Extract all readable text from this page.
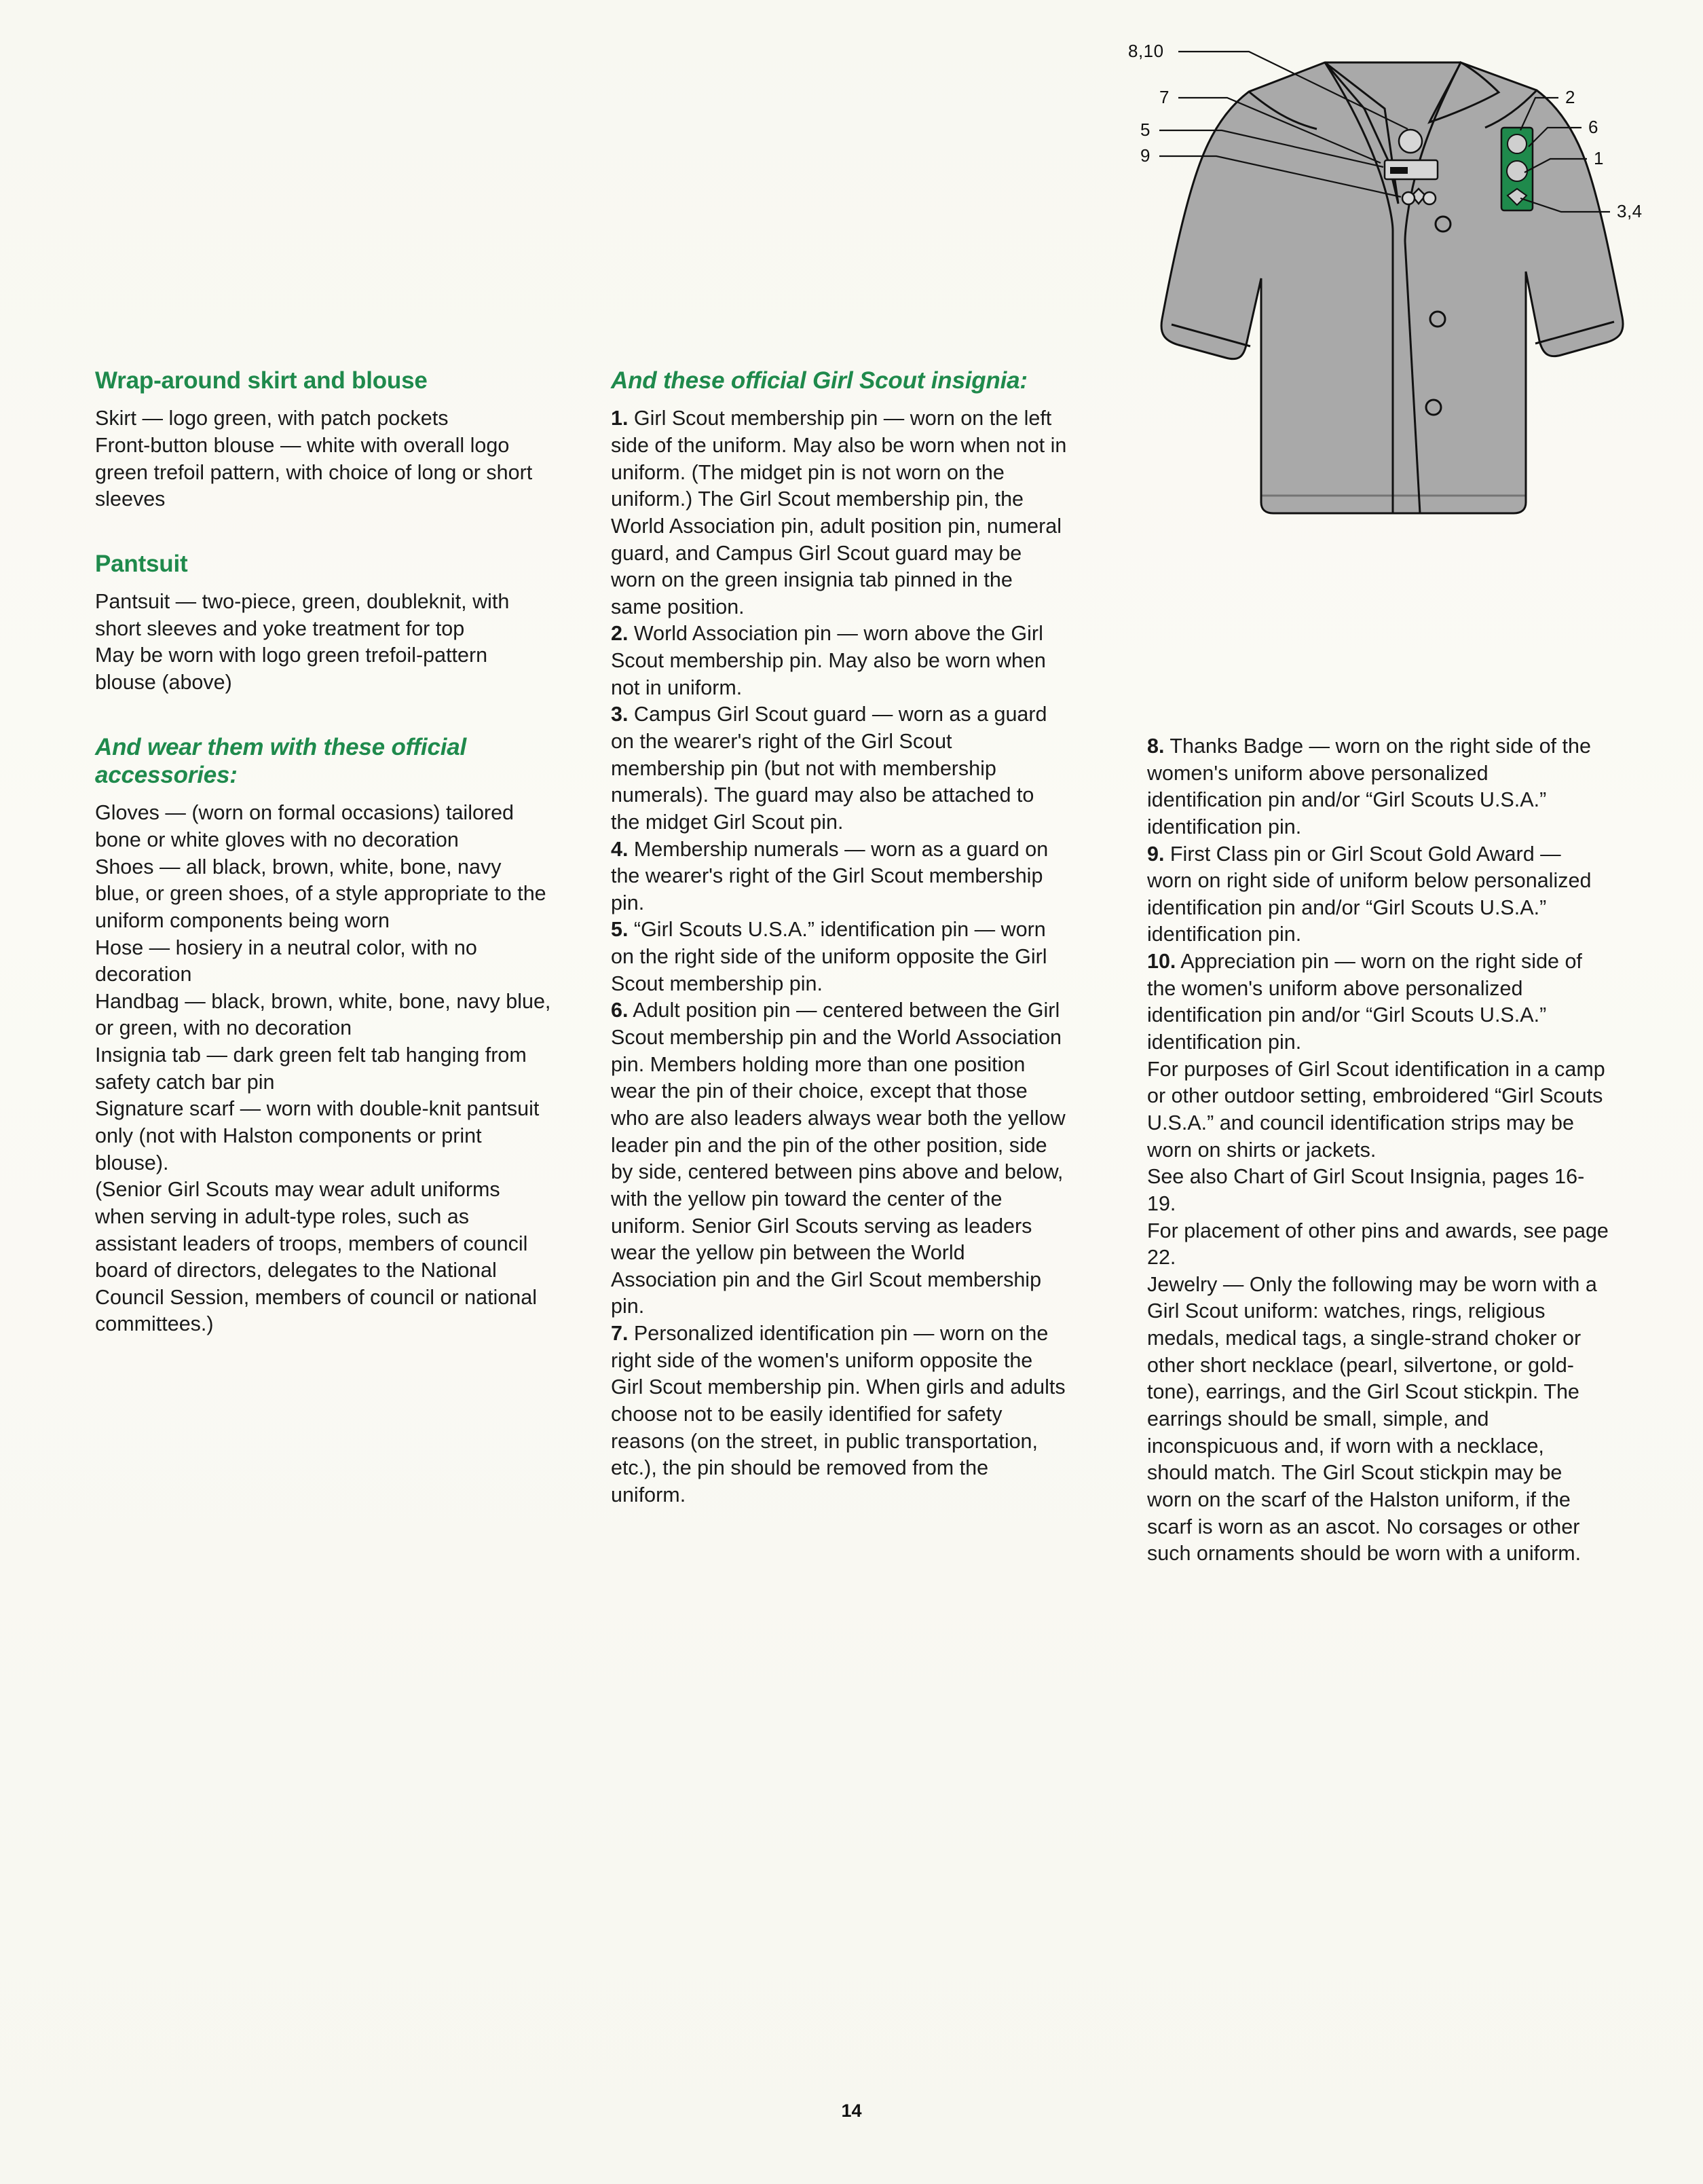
8,10
7
5
9
2
6
1
3,4
Wrap-around skirt and blouse

Skirt — logo green, with patch pockets

Front-button blouse — white with overall logo green trefoil pattern, with choice of long or short sleeves

Pantsuit

Pantsuit — two-piece, green, doubleknit, with short sleeves and yoke treatment for top

May be worn with logo green trefoil-pattern blouse (above)

And wear them with these official accessories:

Gloves — (worn on formal occasions) tailored bone or white gloves with no decoration

Shoes — all black, brown, white, bone, navy blue, or green shoes, of a style appropriate to the uniform components being worn

Hose — hosiery in a neutral color, with no decoration

Handbag — black, brown, white, bone, navy blue, or green, with no decoration

Insignia tab — dark green felt tab hanging from safety catch bar pin

Signature scarf — worn with double-knit pantsuit only (not with Halston components or print blouse).

(Senior Girl Scouts may wear adult uniforms when serving in adult-type roles, such as assistant leaders of troops, members of council board of directors, delegates to the National Council Session, members of council or national committees.)

And these official Girl Scout insignia:

1. Girl Scout membership pin — worn on the left side of the uniform. May also be worn when not in uniform. (The midget pin is not worn on the uniform.) The Girl Scout membership pin, the World Association pin, adult position pin, numeral guard, and Campus Girl Scout guard may be worn on the green insignia tab pinned in the same position.

2. World Association pin — worn above the Girl Scout membership pin. May also be worn when not in uniform.

3. Campus Girl Scout guard — worn as a guard on the wearer's right of the Girl Scout membership pin (but not with membership numerals). The guard may also be attached to the midget Girl Scout pin.

4. Membership numerals — worn as a guard on the wearer's right of the Girl Scout membership pin.

5. “Girl Scouts U.S.A.” identification pin — worn on the right side of the uniform opposite the Girl Scout membership pin.

6. Adult position pin — centered between the Girl Scout membership pin and the World Association pin. Members holding more than one position wear the pin of their choice, except that those who are also leaders always wear both the yellow leader pin and the pin of the other position, side by side, centered between pins above and below, with the yellow pin toward the center of the uniform. Senior Girl Scouts serving as leaders wear the yellow pin between the World Association pin and the Girl Scout membership pin.

7. Personalized identification pin — worn on the right side of the women's uniform opposite the Girl Scout membership pin. When girls and adults choose not to be easily identified for safety reasons (on the street, in public transportation, etc.), the pin should be removed from the uniform.

8. Thanks Badge — worn on the right side of the women's uniform above personalized identification pin and/or “Girl Scouts U.S.A.” identification pin.

9. First Class pin or Girl Scout Gold Award — worn on right side of uniform below personalized identification pin and/or “Girl Scouts U.S.A.” identification pin.

10. Appreciation pin — worn on the right side of the women's uniform above personalized identification pin and/or “Girl Scouts U.S.A.” identification pin.

For purposes of Girl Scout identification in a camp or other outdoor setting, embroidered “Girl Scouts U.S.A.” and council identification strips may be worn on shirts or jackets.

See also Chart of Girl Scout Insignia, pages 16-19.

For placement of other pins and awards, see page 22.

Jewelry — Only the following may be worn with a Girl Scout uniform: watches, rings, religious medals, medical tags, a single-strand choker or other short necklace (pearl, silvertone, or gold-tone), earrings, and the Girl Scout stickpin. The earrings should be small, simple, and inconspicuous and, if worn with a necklace, should match. The Girl Scout stickpin may be worn on the scarf of the Halston uniform, if the scarf is worn as an ascot. No corsages or other such ornaments should be worn with a uniform.

14
